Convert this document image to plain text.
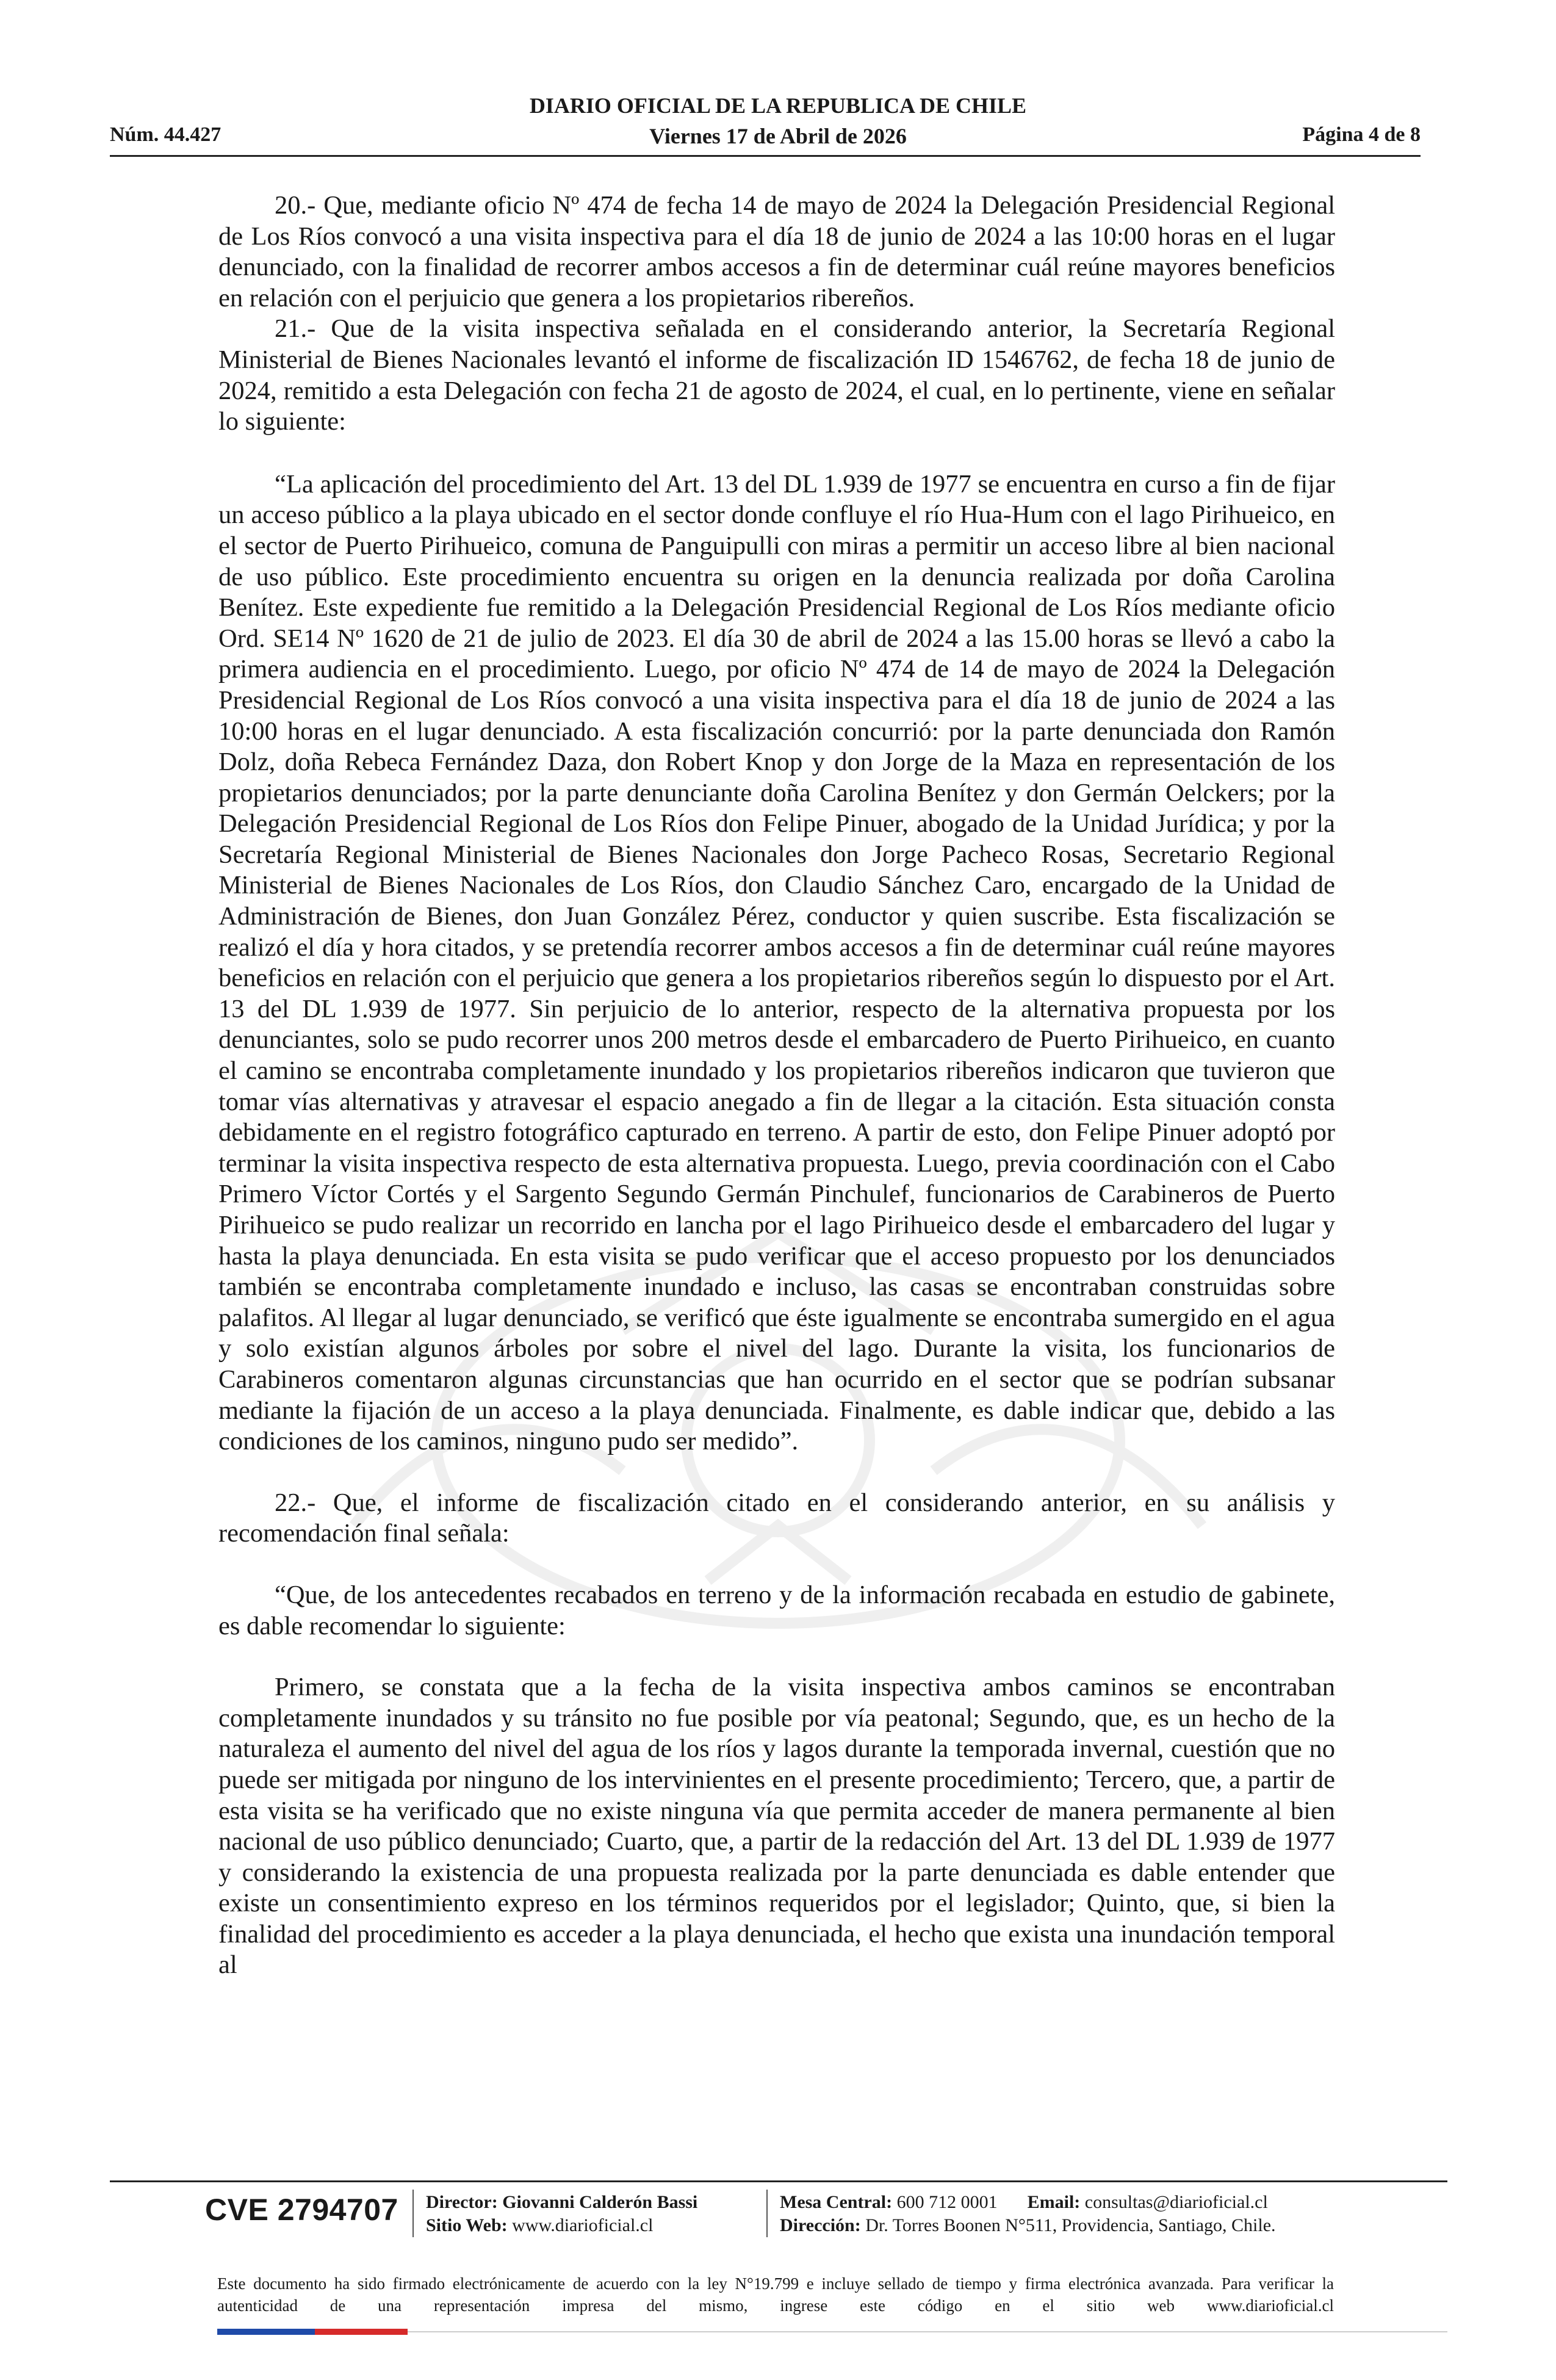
DIARIO OFICIAL DE LA REPUBLICA DE CHILE
Núm. 44.427	Viernes 17 de Abril de 2026	Página 4 de 8

20.- Que, mediante oficio Nº 474 de fecha 14 de mayo de 2024 la Delegación Presidencial Regional de Los Ríos convocó a una visita inspectiva para el día 18 de junio de 2024 a las 10:00 horas en el lugar denunciado, con la finalidad de recorrer ambos accesos a fin de determinar cuál reúne mayores beneficios en relación con el perjuicio que genera a los propietarios ribereños.

21.- Que de la visita inspectiva señalada en el considerando anterior, la Secretaría Regional Ministerial de Bienes Nacionales levantó el informe de fiscalización ID 1546762, de fecha 18 de junio de 2024, remitido a esta Delegación con fecha 21 de agosto de 2024, el cual, en lo pertinente, viene en señalar lo siguiente:

“La aplicación del procedimiento del Art. 13 del DL 1.939 de 1977 se encuentra en curso a fin de fijar un acceso público a la playa ubicado en el sector donde confluye el río Hua-Hum con el lago Pirihueico, en el sector de Puerto Pirihueico, comuna de Panguipulli con miras a permitir un acceso libre al bien nacional de uso público. Este procedimiento encuentra su origen en la denuncia realizada por doña Carolina Benítez. Este expediente fue remitido a la Delegación Presidencial Regional de Los Ríos mediante oficio Ord. SE14 Nº 1620 de 21 de julio de 2023. El día 30 de abril de 2024 a las 15.00 horas se llevó a cabo la primera audiencia en el procedimiento. Luego, por oficio Nº 474 de 14 de mayo de 2024 la Delegación Presidencial Regional de Los Ríos convocó a una visita inspectiva para el día 18 de junio de 2024 a las 10:00 horas en el lugar denunciado. A esta fiscalización concurrió: por la parte denunciada don Ramón Dolz, doña Rebeca Fernández Daza, don Robert Knop y don Jorge de la Maza en representación de los propietarios denunciados; por la parte denunciante doña Carolina Benítez y don Germán Oelckers; por la Delegación Presidencial Regional de Los Ríos don Felipe Pinuer, abogado de la Unidad Jurídica; y por la Secretaría Regional Ministerial de Bienes Nacionales don Jorge Pacheco Rosas, Secretario Regional Ministerial de Bienes Nacionales de Los Ríos, don Claudio Sánchez Caro, encargado de la Unidad de Administración de Bienes, don Juan González Pérez, conductor y quien suscribe. Esta fiscalización se realizó el día y hora citados, y se pretendía recorrer ambos accesos a fin de determinar cuál reúne mayores beneficios en relación con el perjuicio que genera a los propietarios ribereños según lo dispuesto por el Art. 13 del DL 1.939 de 1977. Sin perjuicio de lo anterior, respecto de la alternativa propuesta por los denunciantes, solo se pudo recorrer unos 200 metros desde el embarcadero de Puerto Pirihueico, en cuanto el camino se encontraba completamente inundado y los propietarios ribereños indicaron que tuvieron que tomar vías alternativas y atravesar el espacio anegado a fin de llegar a la citación. Esta situación consta debidamente en el registro fotográfico capturado en terreno. A partir de esto, don Felipe Pinuer adoptó por terminar la visita inspectiva respecto de esta alternativa propuesta. Luego, previa coordinación con el Cabo Primero Víctor Cortés y el Sargento Segundo Germán Pinchulef, funcionarios de Carabineros de Puerto Pirihueico se pudo realizar un recorrido en lancha por el lago Pirihueico desde el embarcadero del lugar y hasta la playa denunciada. En esta visita se pudo verificar que el acceso propuesto por los denunciados también se encontraba completamente inundado e incluso, las casas se encontraban construidas sobre palafitos. Al llegar al lugar denunciado, se verificó que éste igualmente se encontraba sumergido en el agua y solo existían algunos árboles por sobre el nivel del lago. Durante la visita, los funcionarios de Carabineros comentaron algunas circunstancias que han ocurrido en el sector que se podrían subsanar mediante la fijación de un acceso a la playa denunciada. Finalmente, es dable indicar que, debido a las condiciones de los caminos, ninguno pudo ser medido”.

22.- Que, el informe de fiscalización citado en el considerando anterior, en su análisis y recomendación final señala:

“Que, de los antecedentes recabados en terreno y de la información recabada en estudio de gabinete, es dable recomendar lo siguiente:

Primero, se constata que a la fecha de la visita inspectiva ambos caminos se encontraban completamente inundados y su tránsito no fue posible por vía peatonal; Segundo, que, es un hecho de la naturaleza el aumento del nivel del agua de los ríos y lagos durante la temporada invernal, cuestión que no puede ser mitigada por ninguno de los intervinientes en el presente procedimiento; Tercero, que, a partir de esta visita se ha verificado que no existe ninguna vía que permita acceder de manera permanente al bien nacional de uso público denunciado; Cuarto, que, a partir de la redacción del Art. 13 del DL 1.939 de 1977 y considerando la existencia de una propuesta realizada por la parte denunciada es dable entender que existe un consentimiento expreso en los términos requeridos por el legislador; Quinto, que, si bien la finalidad del procedimiento es acceder a la playa denunciada, el hecho que exista una inundación temporal al

CVE 2794707 Director: Giovanni Calderón Bassi
Sitio Web: www.diarioficial.cl
Mesa Central: 600 712 0001 Email: consultas@diarioficial.cl
Dirección: Dr. Torres Boonen N°511, Providencia, Santiago, Chile.
Este documento ha sido firmado electrónicamente de acuerdo con la ley N°19.799 e incluye sellado de tiempo y firma electrónica avanzada. Para verificar la autenticidad de una representación impresa del mismo, ingrese este código en el sitio web www.diarioficial.cl
